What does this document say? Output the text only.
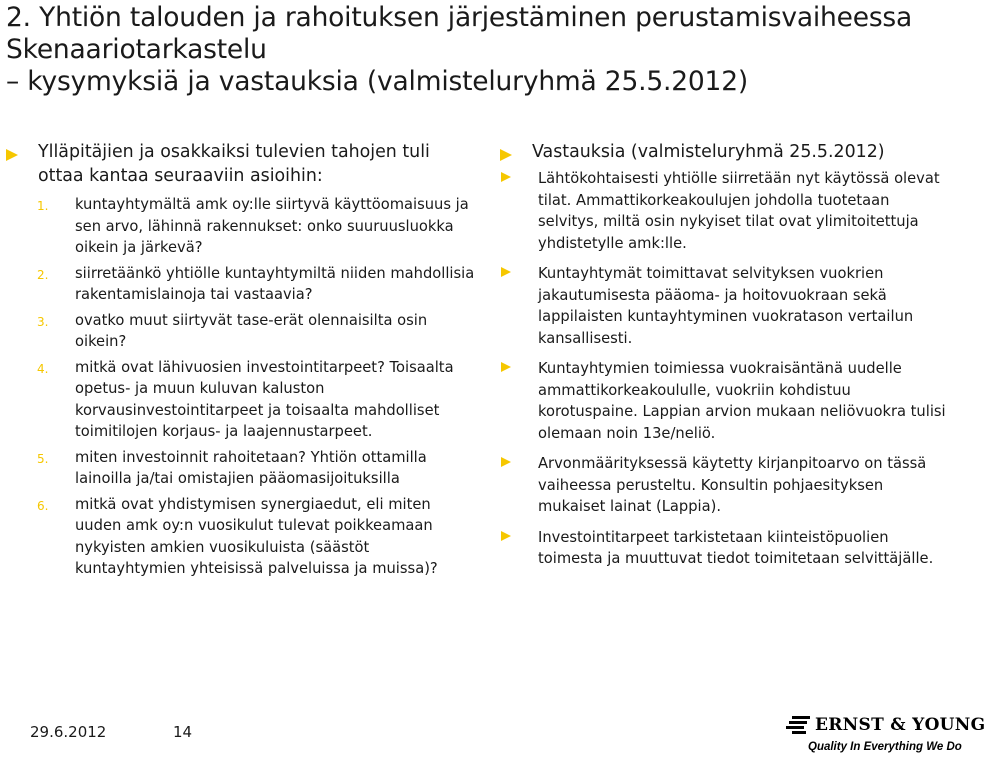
2. Yhtiön talouden ja rahoituksen järjestäminen perustamisvaiheessa
Skenaariotarkastelu
– kysymyksiä ja vastauksia (valmisteluryhmä 25.5.2012)
Ylläpitäjien ja osakkaiksi tulevien tahojen tuli ottaa kantaa seuraaviin asioihin:
1.	kuntayhtymältä amk oy:lle siirtyvä käyttöomaisuus ja sen arvo, lähinnä rakennukset: onko suuruusluokka oikein ja järkevä?
2.	siirretäänkö yhtiölle kuntayhtymiltä niiden mahdollisia rakentamislainoja tai vastaavia?
3.	ovatko muut siirtyvät tase-erät olennaisilta osin oikein?
4.	mitkä ovat lähivuosien investointitarpeet? Toisaalta opetus- ja muun kuluvan kaluston korvausinvestointitarpeet ja toisaalta mahdolliset toimitilojen korjaus- ja laajennustarpeet.
5.	miten investoinnit rahoitetaan? Yhtiön ottamilla lainoilla ja/tai omistajien pääomasijoituksilla
6.	mitkä ovat yhdistymisen synergiaedut, eli miten uuden amk oy:n vuosikulut tulevat poikkeamaan nykyisten amkien vuosikuluista (säästöt kuntayhtymien yhteisissä palveluissa ja muissa)?
Vastauksia (valmisteluryhmä 25.5.2012)
Lähtökohtaisesti yhtiölle siirretään nyt käytössä olevat tilat. Ammattikorkeakoulujen johdolla tuotetaan selvitys, miltä osin nykyiset tilat ovat ylimitoitettuja yhdistetylle amk:lle.
Kuntayhtymät toimittavat selvityksen vuokrien jakautumisesta pääoma- ja hoitovuokraan sekä lappilaisten kuntayhtyminen vuokratason vertailun kansallisesti.
Kuntayhtymien toimiessa vuokraisäntänä uudelle ammattikorkeakoululle, vuokriin kohdistuu korotuspaine. Lappian arvion mukaan neliövuokra tulisi olemaan noin 13e/neliö.
Arvonmäärityksessä käytetty kirjanpitoarvo on tässä vaiheessa perusteltu. Konsultin pohjaesityksen mukaiset lainat (Lappia).
Investointitarpeet tarkistetaan kiinteistöpuolien toimesta ja muuttuvat tiedot toimitetaan selvittäjälle.
29.6.2012	14	ERNST & YOUNG
Quality In Everything We Do
